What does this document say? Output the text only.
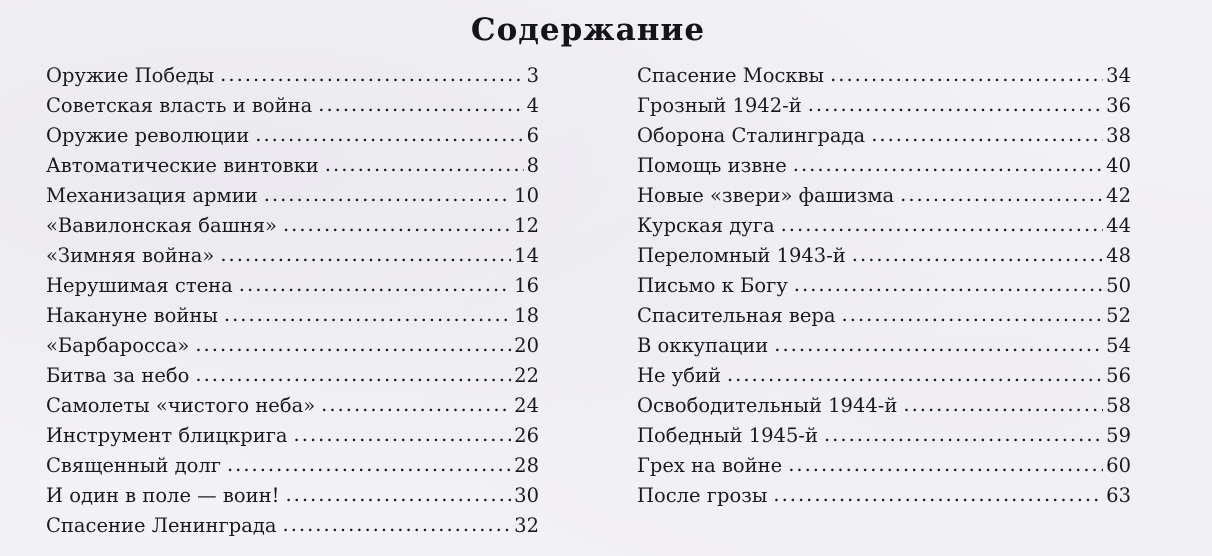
Содержание
Оружие Победы .....	3
Советская власть и война .....	4
Оружие революции .....	6
Автоматические винтовки .....	8
Механизация армии .....	10
«Вавилонская башня» .....	12
«Зимняя война» .....	14
Нерушимая стена .....	16
Накануне войны .....	18
«Барбаросса» .....	20
Битва за небо .....	22
Самолеты «чистого неба» .....	24
Инструмент блицкрига .....	26
Священный долг .....	28
И один в поле — воин! .....	30
Спасение Ленинграда .....	32
Спасение Москвы .....	34
Грозный 1942-й .....	36
Оборона Сталинграда .....	38
Помощь извне .....	40
Новые «звери» фашизма .....	42
Курская дуга .....	44
Переломный 1943-й .....	48
Письмо к Богу .....	50
Спасительная вера .....	52
В оккупации .....	54
Не убий .....	56
Освободительный 1944-й .....	58
Победный 1945-й .....	59
Грех на войне .....	60
После грозы .....	63
